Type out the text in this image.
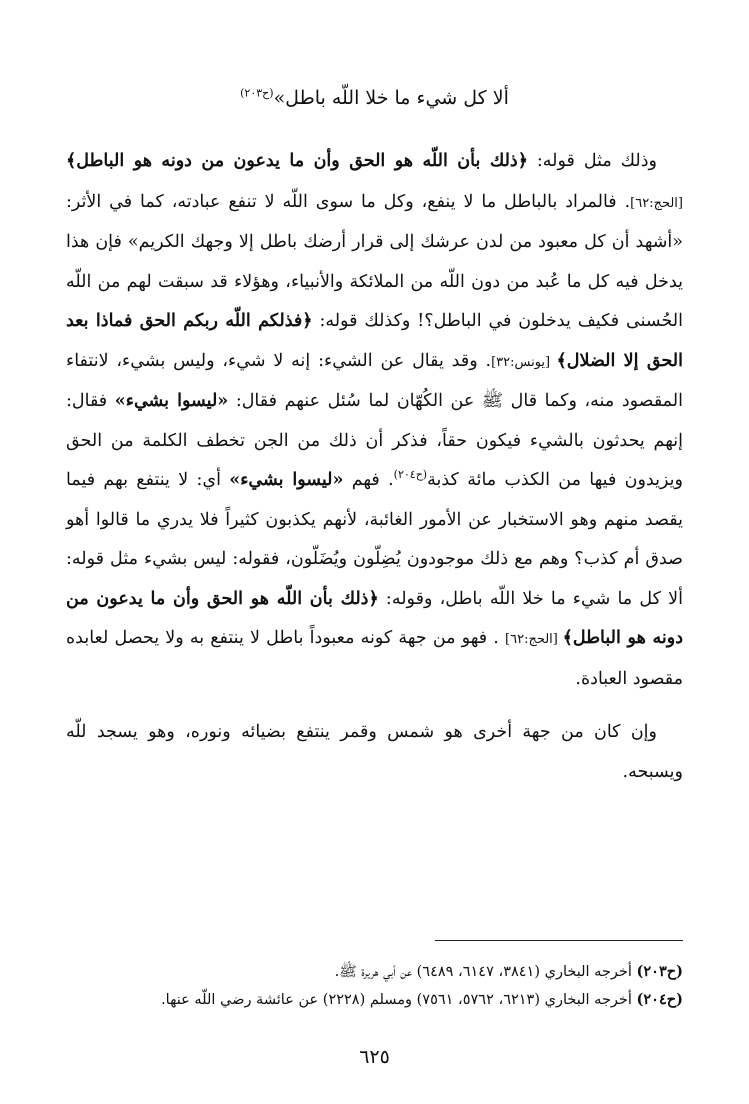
ألا كل شيء ما خلا اللّه باطل»$^{(ح٢٠٣)}$

وذلك مثل قوله: ﴿ذلك بأن اللّه هو الحق وأن ما يدعون من دونه هو الباطل﴾ [الحج:٦٢]. فالمراد بالباطل ما لا ينفع، وكل ما سوى اللّه لا تنفع عبادته، كما في الأثر: «أشهد أن كل معبود من لدن عرشك إلى قرار أرضك باطل إلا وجهك الكريم» فإن هذا يدخل فيه كل ما عُبد من دون اللّه من الملائكة والأنبياء، وهؤلاء قد سبقت لهم من اللّه الحُسنى فكيف يدخلون في الباطل؟! وكذلك قوله: ﴿فذلكم اللّه ربكم الحق فماذا بعد الحق إلا الضلال﴾ [يونس:٣٢]. وقد يقال عن الشيء: إنه لا شيء، وليس بشيء، لانتفاء المقصود منه، وكما قال ﷺ عن الكُهّان لما سُئل عنهم فقال: «ليسوا بشيء» فقال: إنهم يحدثون بالشيء فيكون حقاً، فذكر أن ذلك من الجن تخطف الكلمة من الحق ويزيدون فيها من الكذب مائة كذبة$^{(ح٢٠٤)}$. فهم «ليسوا بشيء» أي: لا ينتفع بهم فيما يقصد منهم وهو الاستخبار عن الأمور الغائبة، لأنهم يكذبون كثيراً فلا يدري ما قالوا أهو صدق أم كذب؟ وهم مع ذلك موجودون يُضِلّون ويُضَلّون، فقوله: ليس بشيء مثل قوله: ألا كل ما شيء ما خلا اللّه باطل، وقوله: ﴿ذلك بأن اللّه هو الحق وأن ما يدعون من دونه هو الباطل﴾ [الحج:٦٢] . فهو من جهة كونه معبوداً باطل لا ينتفع به ولا يحصل لعابده مقصود العبادة.

وإن كان من جهة أخرى هو شمس وقمر ينتفع بضيائه ونوره، وهو يسجد للّه ويسبحه.

(ح٢٠٣) أخرجه البخاري (٣٨٤١، ٦١٤٧، ٦٤٨٩) عن أبي هريرة ﷺ.
(ح٢٠٤) أخرجه البخاري (٦٢١٣، ٥٧٦٢، ٧٥٦١) ومسلم (٢٢٢٨) عن عائشة رضي اللّه عنها.
٦٢٥
